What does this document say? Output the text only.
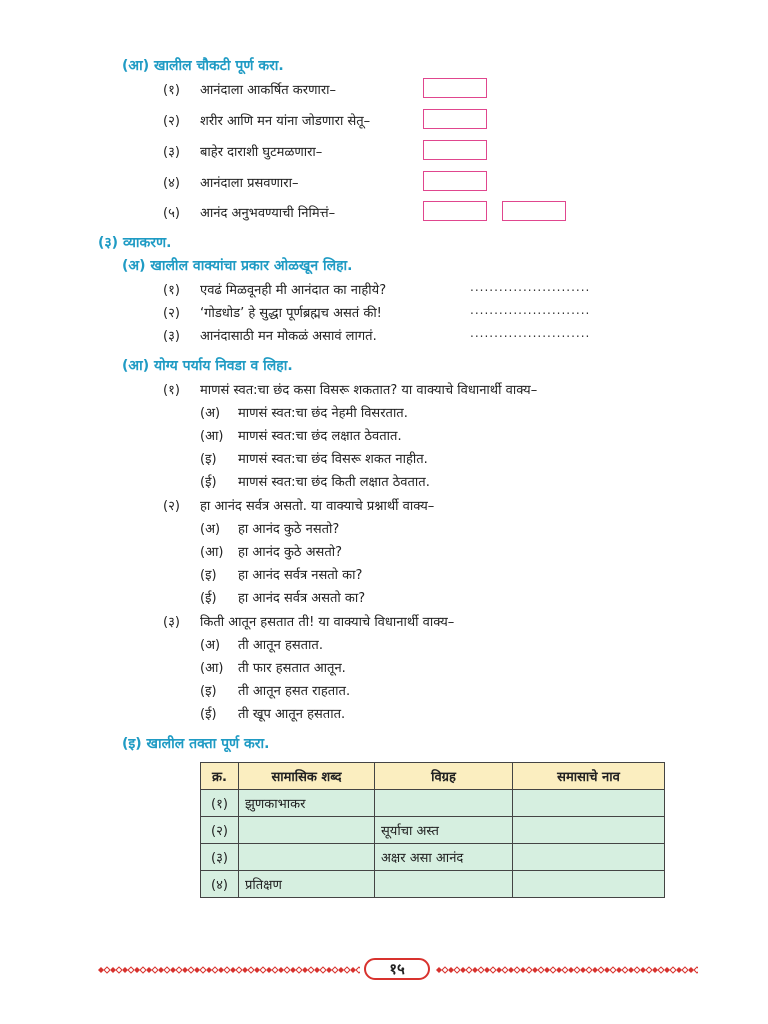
(आ) खालील चौकटी पूर्ण करा.
(१) आनंदाला आकर्षित करणारा–
(२) शरीर आणि मन यांना जोडणारा सेतू–
(३) बाहेर दाराशी घुटमळणारा–
(४) आनंदाला प्रसवणारा–
(५) आनंद अनुभवण्याची निमित्तं–
(३) व्याकरण.
(अ) खालील वाक्यांचा प्रकार ओळखून लिहा.
(१) एवढं मिळवूनही मी आनंदात का नाहीये?	.........................
(२) ‘गोडधोड’ हे सुद्धा पूर्णब्रह्मच असतं की!	.........................
(३) आनंदासाठी मन मोकळं असावं लागतं.	.........................
(आ) योग्य पर्याय निवडा व लिहा.
(१) माणसं स्वत:चा छंद कसा विसरू शकतात? या वाक्याचे विधानार्थी वाक्य–
(अ) माणसं स्वत:चा छंद नेहमी विसरतात.
(आ) माणसं स्वत:चा छंद लक्षात ठेवतात.
(इ) माणसं स्वत:चा छंद विसरू शकत नाहीत.
(ई) माणसं स्वत:चा छंद किती लक्षात ठेवतात.
(२) हा आनंद सर्वत्र असतो. या वाक्याचे प्रश्नार्थी वाक्य–
(अ) हा आनंद कुठे नसतो?
(आ) हा आनंद कुठे असतो?
(इ) हा आनंद सर्वत्र नसतो का?
(ई) हा आनंद सर्वत्र असतो का?
(३) किती आतून हसतात ती! या वाक्याचे विधानार्थी वाक्य–
(अ) ती आतून हसतात.
(आ) ती फार हसतात आतून.
(इ) ती आतून हसत राहतात.
(ई) ती खूप आतून हसतात.
(इ) खालील तक्ता पूर्ण करा.
क्र.	सामासिक शब्द	विग्रह	समासाचे नाव
(१)	झुणकाभाकर		
(२)		सूर्याचा अस्त	
(३)		अक्षर असा आनंद	
(४)	प्रतिक्षण		
१५
